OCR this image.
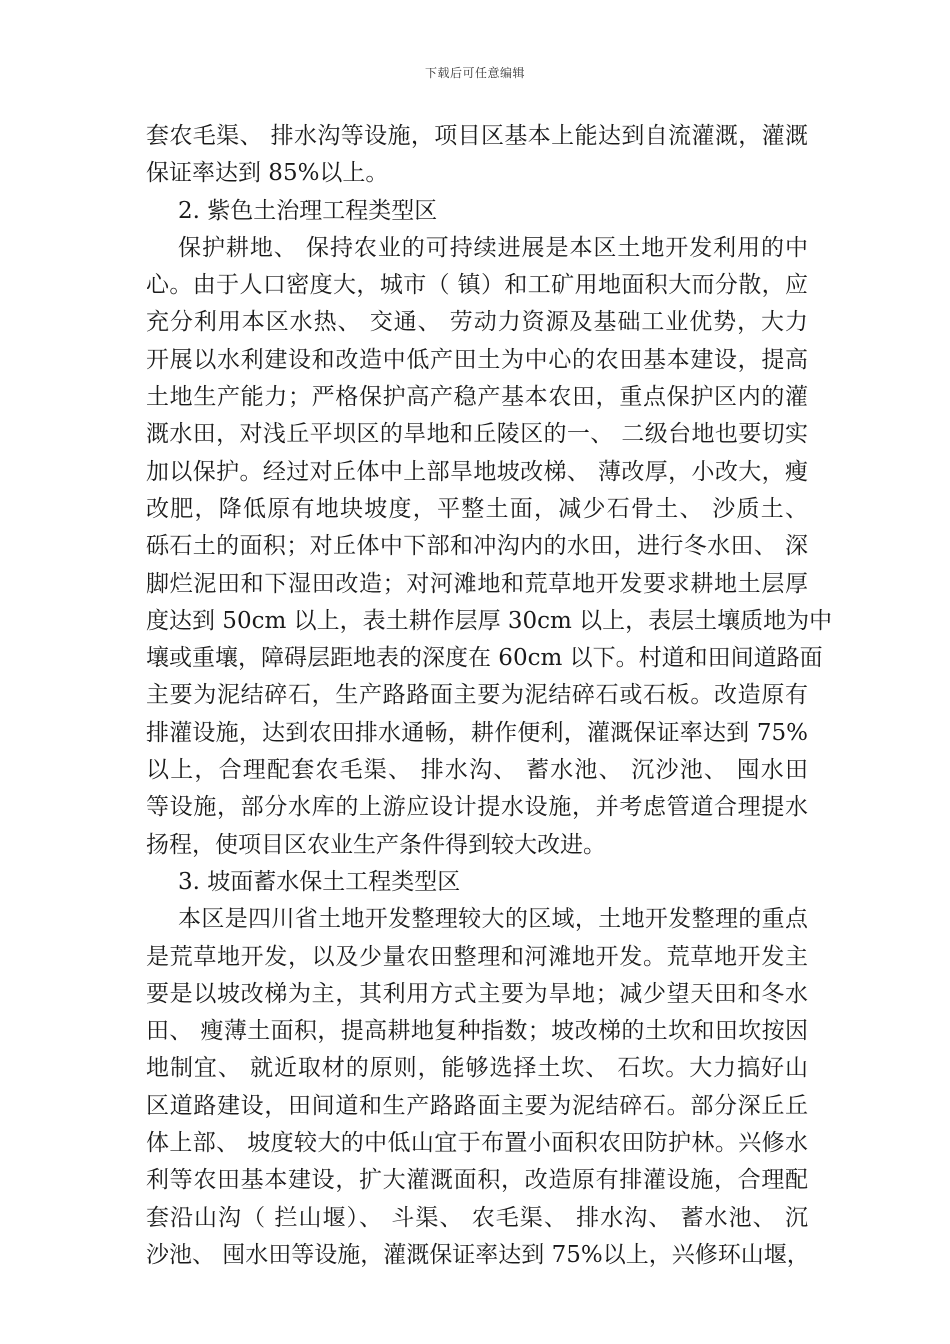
下载后可任意编辑
套农毛渠、 排水沟等设施，项目区基本上能达到自流灌溉，灌溉
保证率达到 85%以上。
2. 紫色土治理工程类型区
保护耕地、 保持农业的可持续进展是本区土地开发利用的中
心。由于人口密度大，城市（ 镇）和工矿用地面积大而分散，应
充分利用本区水热、 交通、 劳动力资源及基础工业优势，大力
开展以水利建设和改造中低产田土为中心的农田基本建设，提高
土地生产能力；严格保护高产稳产基本农田，重点保护区内的灌
溉水田，对浅丘平坝区的旱地和丘陵区的一、 二级台地也要切实
加以保护。经过对丘体中上部旱地坡改梯、 薄改厚，小改大，瘦
改肥，降低原有地块坡度，平整土面，减少石骨土、 沙质土、
砾石土的面积；对丘体中下部和冲沟内的水田，进行冬水田、 深
脚烂泥田和下湿田改造；对河滩地和荒草地开发要求耕地土层厚
度达到 50cm 以上，表土耕作层厚 30cm 以上，表层土壤质地为中
壤或重壤，障碍层距地表的深度在 60cm 以下。村道和田间道路面
主要为泥结碎石，生产路路面主要为泥结碎石或石板。改造原有
排灌设施，达到农田排水通畅，耕作便利，灌溉保证率达到 75%
以上，合理配套农毛渠、 排水沟、 蓄水池、 沉沙池、 囤水田
等设施，部分水库的上游应设计提水设施，并考虑管道合理提水
扬程，使项目区农业生产条件得到较大改进。
3. 坡面蓄水保土工程类型区
本区是四川省土地开发整理较大的区域，土地开发整理的重点
是荒草地开发，以及少量农田整理和河滩地开发。荒草地开发主
要是以坡改梯为主，其利用方式主要为旱地；减少望天田和冬水
田、 瘦薄土面积，提高耕地复种指数；坡改梯的土坎和田坎按因
地制宜、 就近取材的原则，能够选择土坎、 石坎。大力搞好山
区道路建设，田间道和生产路路面主要为泥结碎石。部分深丘丘
体上部、 坡度较大的中低山宜于布置小面积农田防护林。兴修水
利等农田基本建设，扩大灌溉面积，改造原有排灌设施，合理配
套沿山沟（ 拦山堰）、 斗渠、 农毛渠、 排水沟、 蓄水池、 沉
沙池、 囤水田等设施，灌溉保证率达到 75%以上，兴修环山堰，
